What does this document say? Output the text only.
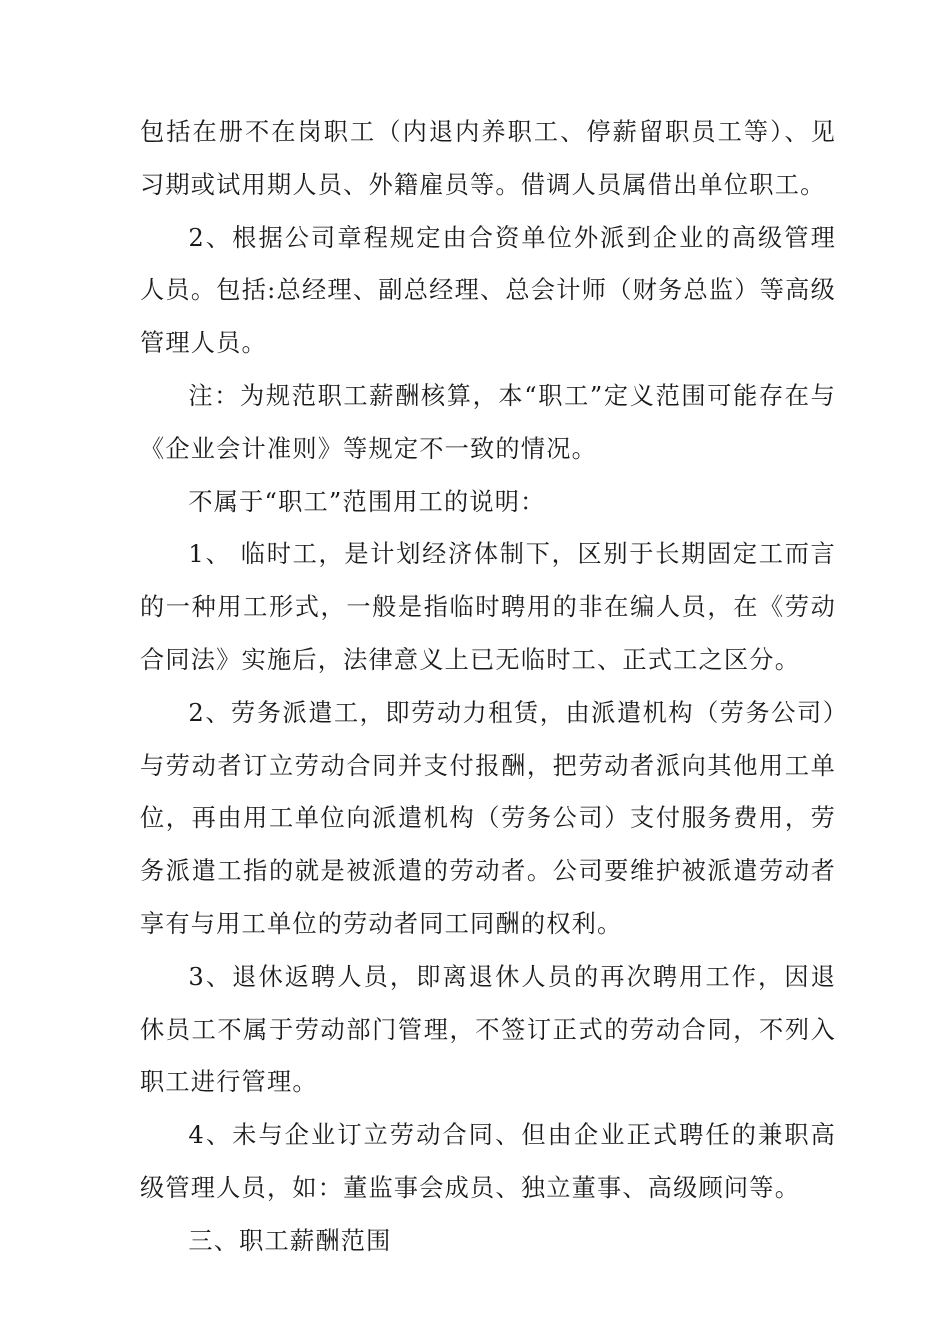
包括在册不在岗职工（内退内养职工、停薪留职员工等）、见习期或试用期人员、外籍雇员等。借调人员属借出单位职工。

2、根据公司章程规定由合资单位外派到企业的高级管理人员。包括:总经理、副总经理、总会计师（财务总监）等高级管理人员。

注：为规范职工薪酬核算，本“职工”定义范围可能存在与《企业会计准则》等规定不一致的情况。

不属于“职工”范围用工的说明：

1、 临时工，是计划经济体制下，区别于长期固定工而言的一种用工形式，一般是指临时聘用的非在编人员，在《劳动合同法》实施后，法律意义上已无临时工、正式工之区分。

2、劳务派遣工，即劳动力租赁，由派遣机构（劳务公司）与劳动者订立劳动合同并支付报酬，把劳动者派向其他用工单位，再由用工单位向派遣机构（劳务公司）支付服务费用，劳务派遣工指的就是被派遣的劳动者。公司要维护被派遣劳动者享有与用工单位的劳动者同工同酬的权利。

3、退休返聘人员，即离退休人员的再次聘用工作，因退休员工不属于劳动部门管理，不签订正式的劳动合同，不列入职工进行管理。

4、未与企业订立劳动合同、但由企业正式聘任的兼职高级管理人员，如：董监事会成员、独立董事、高级顾问等。

三、职工薪酬范围
